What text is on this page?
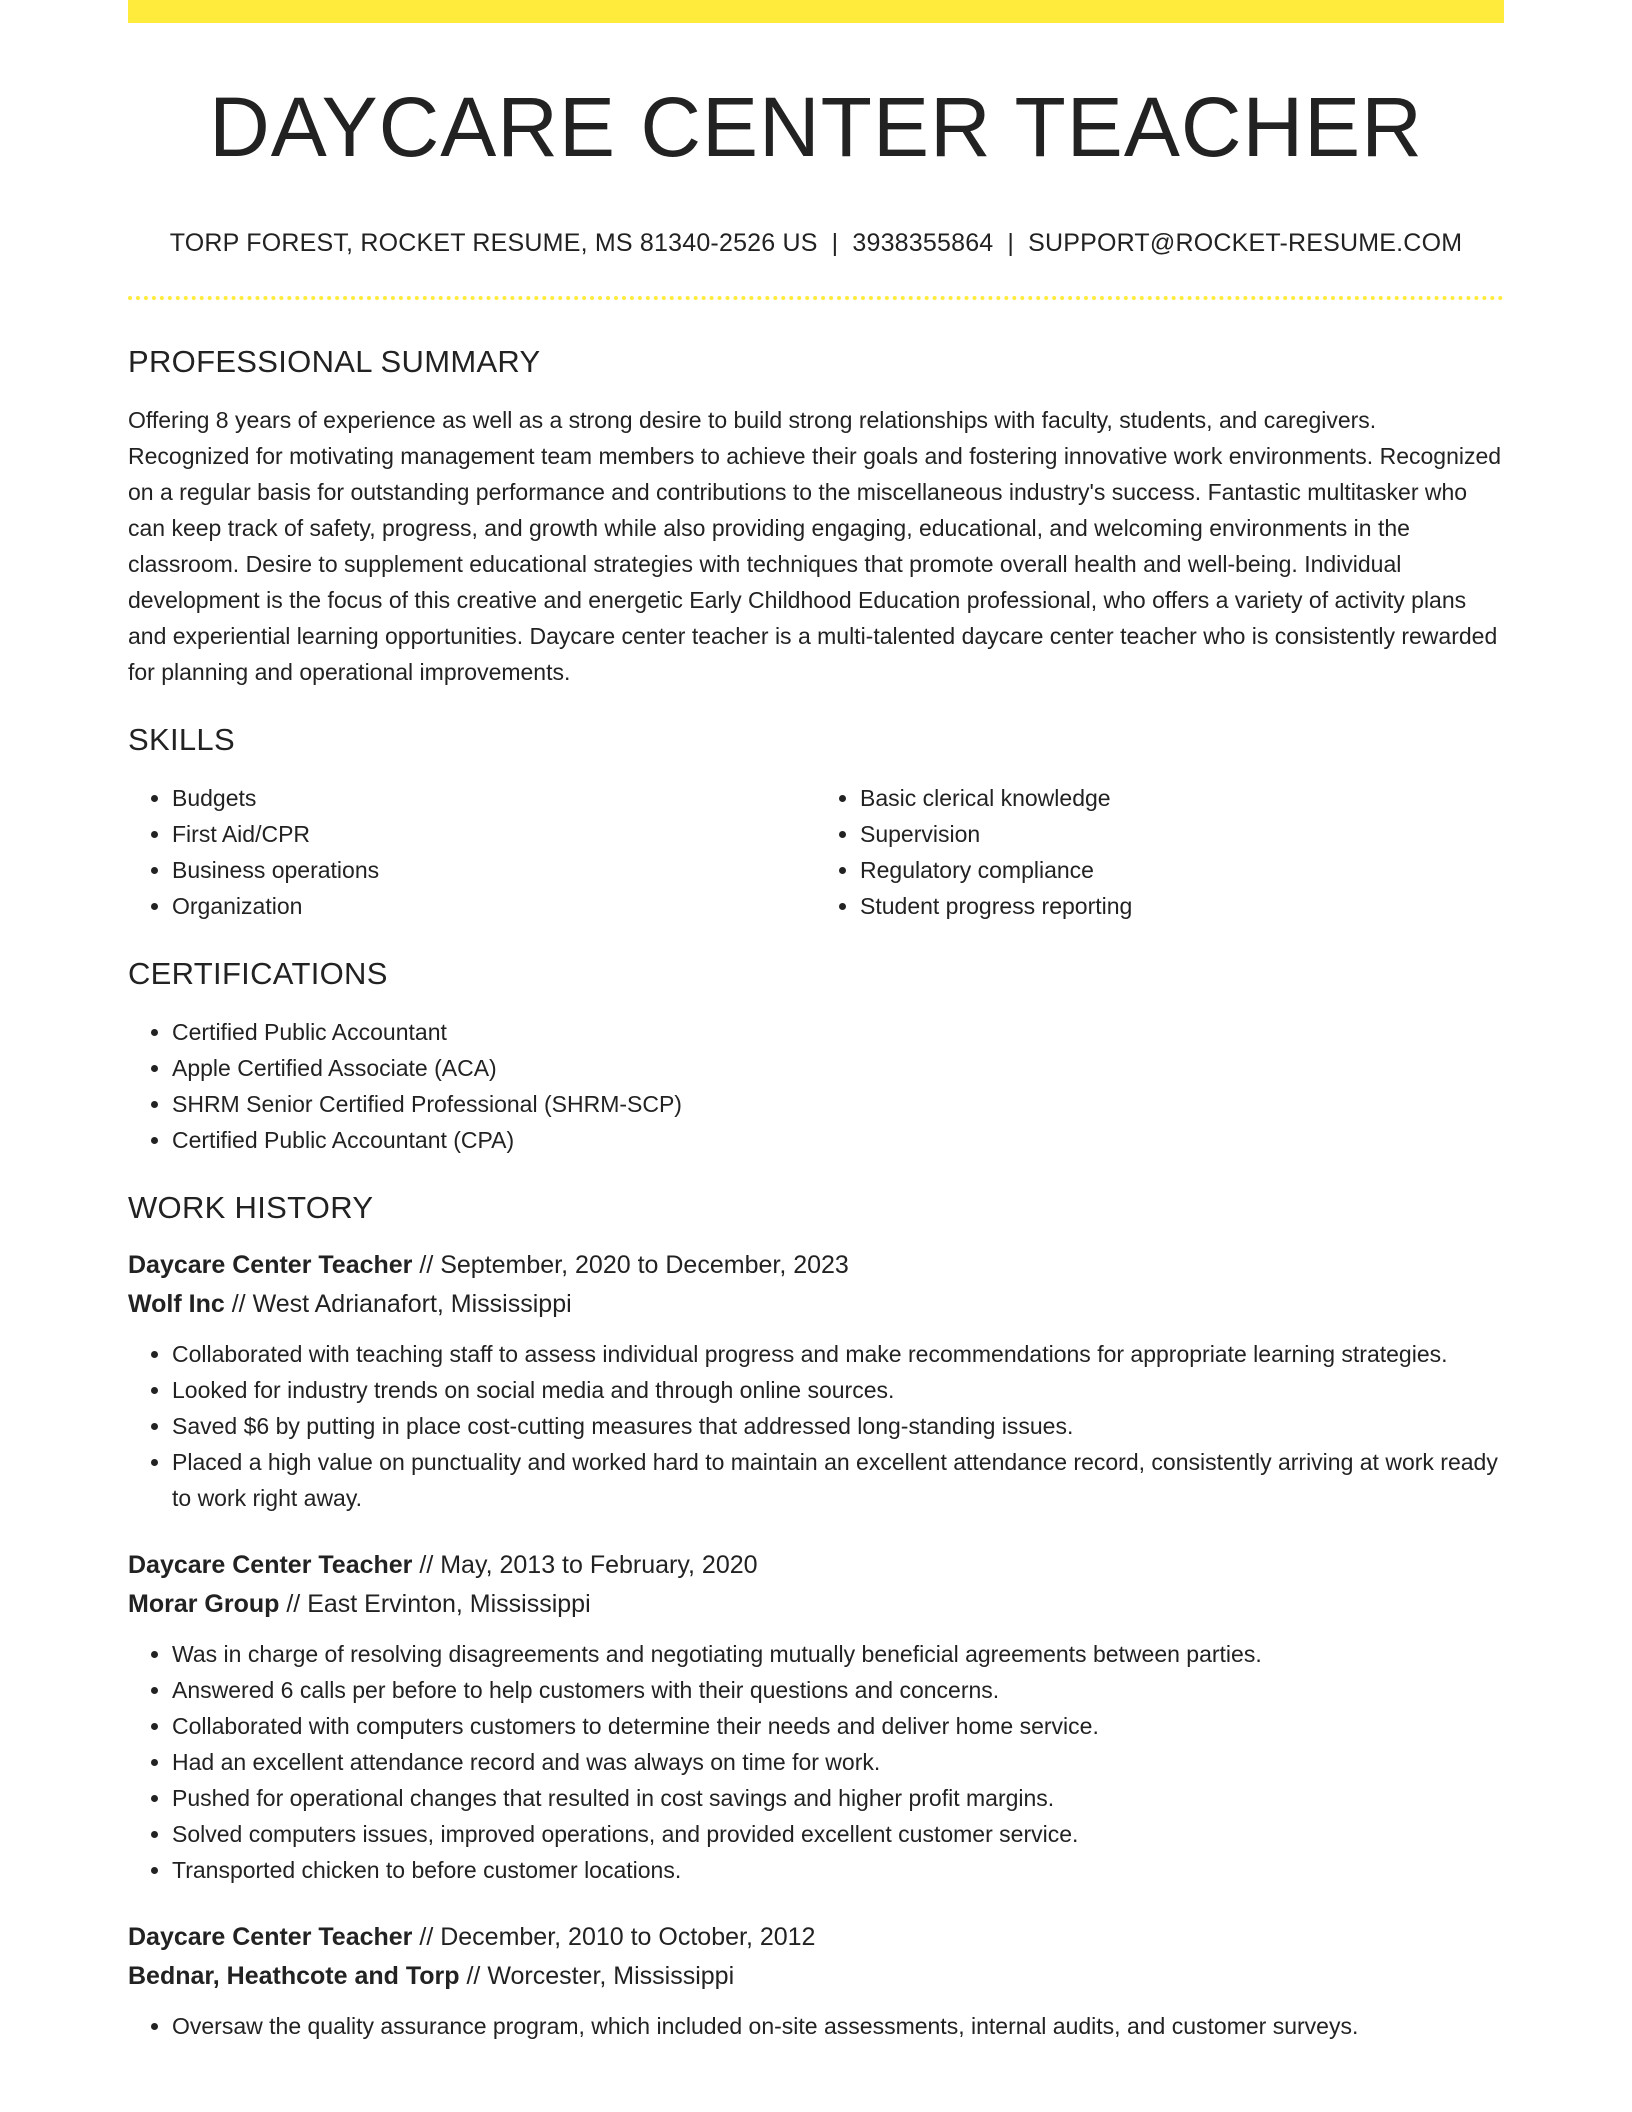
DAYCARE CENTER TEACHER
TORP FOREST, ROCKET RESUME, MS 81340-2526 US | 3938355864 | SUPPORT@ROCKET-RESUME.COM
PROFESSIONAL SUMMARY
Offering 8 years of experience as well as a strong desire to build strong relationships with faculty, students, and caregivers. Recognized for motivating management team members to achieve their goals and fostering innovative work environments. Recognized on a regular basis for outstanding performance and contributions to the miscellaneous industry's success. Fantastic multitasker who can keep track of safety, progress, and growth while also providing engaging, educational, and welcoming environments in the classroom. Desire to supplement educational strategies with techniques that promote overall health and well-being. Individual development is the focus of this creative and energetic Early Childhood Education professional, who offers a variety of activity plans and experiential learning opportunities. Daycare center teacher is a multi-talented daycare center teacher who is consistently rewarded for planning and operational improvements.
SKILLS
• Budgets
• First Aid/CPR
• Business operations
• Organization
• Basic clerical knowledge
• Supervision
• Regulatory compliance
• Student progress reporting
CERTIFICATIONS
• Certified Public Accountant
• Apple Certified Associate (ACA)
• SHRM Senior Certified Professional (SHRM-SCP)
• Certified Public Accountant (CPA)
WORK HISTORY
Daycare Center Teacher // September, 2020 to December, 2023
Wolf Inc // West Adrianafort, Mississippi
• Collaborated with teaching staff to assess individual progress and make recommendations for appropriate learning strategies.
• Looked for industry trends on social media and through online sources.
• Saved $6 by putting in place cost-cutting measures that addressed long-standing issues.
• Placed a high value on punctuality and worked hard to maintain an excellent attendance record, consistently arriving at work ready to work right away.
Daycare Center Teacher // May, 2013 to February, 2020
Morar Group // East Ervinton, Mississippi
• Was in charge of resolving disagreements and negotiating mutually beneficial agreements between parties.
• Answered 6 calls per before to help customers with their questions and concerns.
• Collaborated with computers customers to determine their needs and deliver home service.
• Had an excellent attendance record and was always on time for work.
• Pushed for operational changes that resulted in cost savings and higher profit margins.
• Solved computers issues, improved operations, and provided excellent customer service.
• Transported chicken to before customer locations.
Daycare Center Teacher // December, 2010 to October, 2012
Bednar, Heathcote and Torp // Worcester, Mississippi
• Oversaw the quality assurance program, which included on-site assessments, internal audits, and customer surveys.
